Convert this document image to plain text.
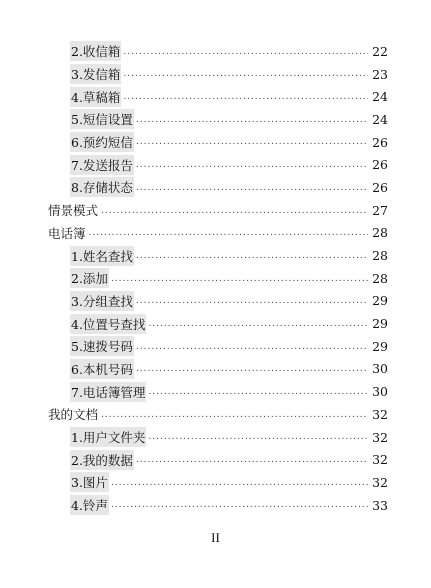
2.收信箱 .....	22
3.发信箱 .....	23
4.草稿箱 .....	24
5.短信设置 .....	24
6.预约短信 .....	26
7.发送报告 .....	26
8.存储状态 .....	26
情景模式 .....	27
电话簿 .....	28
1.姓名查找 .....	28
2.添加 .....	28
3.分组查找 .....	29
4.位置号查找 .....	29
5.速拨号码 .....	29
6.本机号码 .....	30
7.电话簿管理 .....	30
我的文档 .....	32
1.用户文件夹 .....	32
2.我的数据 .....	32
3.图片 .....	32
4.铃声 .....	33
II
